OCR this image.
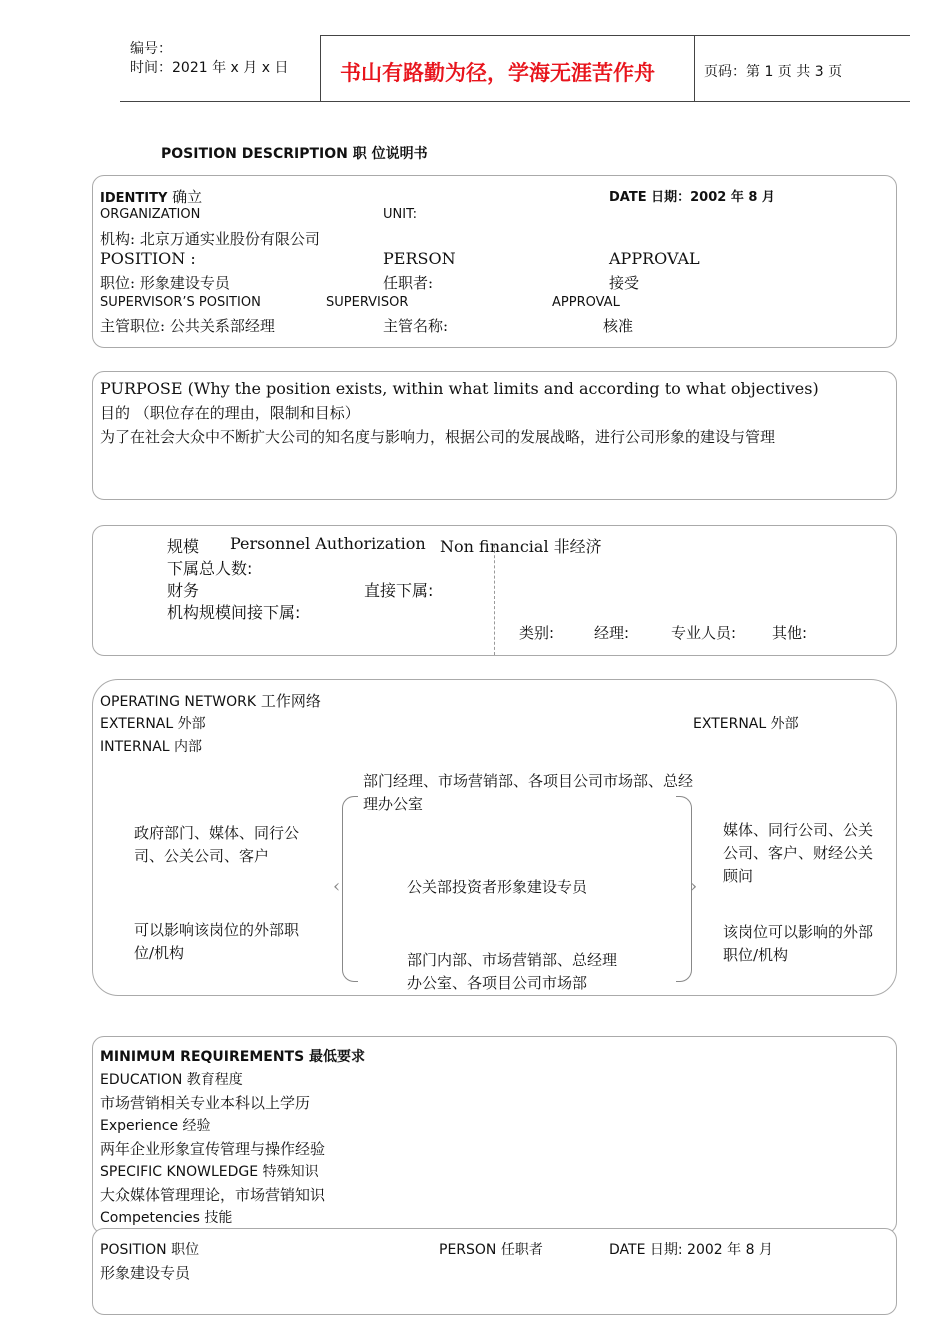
编号：
时间：2021 年 x 月 x 日 书山有路勤为径，学海无涯苦作舟	页码：第 1 页 共 3 页
POSITION DESCRIPTION 职 位说明书
IDENTITY 确立	DATE 日期：2002 年 8 月
ORGANIZATION	UNIT:
机构: 北京万通实业股份有限公司
POSITION :	PERSON	APPROVAL
职位: 形象建设专员	任职者:	接受
SUPERVISOR’S POSITION	SUPERVISOR	APPROVAL
主管职位: 公共关系部经理	主管名称:	核准
PURPOSE (Why the position exists, within what limits and according to what objectives)
目的 （职位存在的理由，限制和目标）
为了在社会大众中不断扩大公司的知名度与影响力，根据公司的发展战略，进行公司形象的建设与管理
规模 Personnel Authorization Non financial 非经济
下属总人数:
财务	直接下属:
机构规模间接下属:
类别:	经理:	专业人员: 其他:
OPERATING NETWORK 工作网络
EXTERNAL 外部
INTERNAL 内部
EXTERNAL 外部
‹	›
政府部门、媒体、同行公司、公关公司、客户
可以影响该岗位的外部职位/机构
部门经理、市场营销部、各项目公司市场部、总经理办公室
公关部投资者形象建设专员
部门内部、市场营销部、总经理办公室、各项目公司市场部
媒体、同行公司、公关公司、客户、财经公关顾问
该岗位可以影响的外部职位/机构
MINIMUM REQUIREMENTS 最低要求
EDUCATION 教育程度
市场营销相关专业本科以上学历
Experience 经验
两年企业形象宣传管理与操作经验
SPECIFIC KNOWLEDGE 特殊知识
大众媒体管理理论，市场营销知识
Competencies 技能
POSITION 职位	PERSON 任职者	DATE 日期: 2002 年 8 月
形象建设专员
